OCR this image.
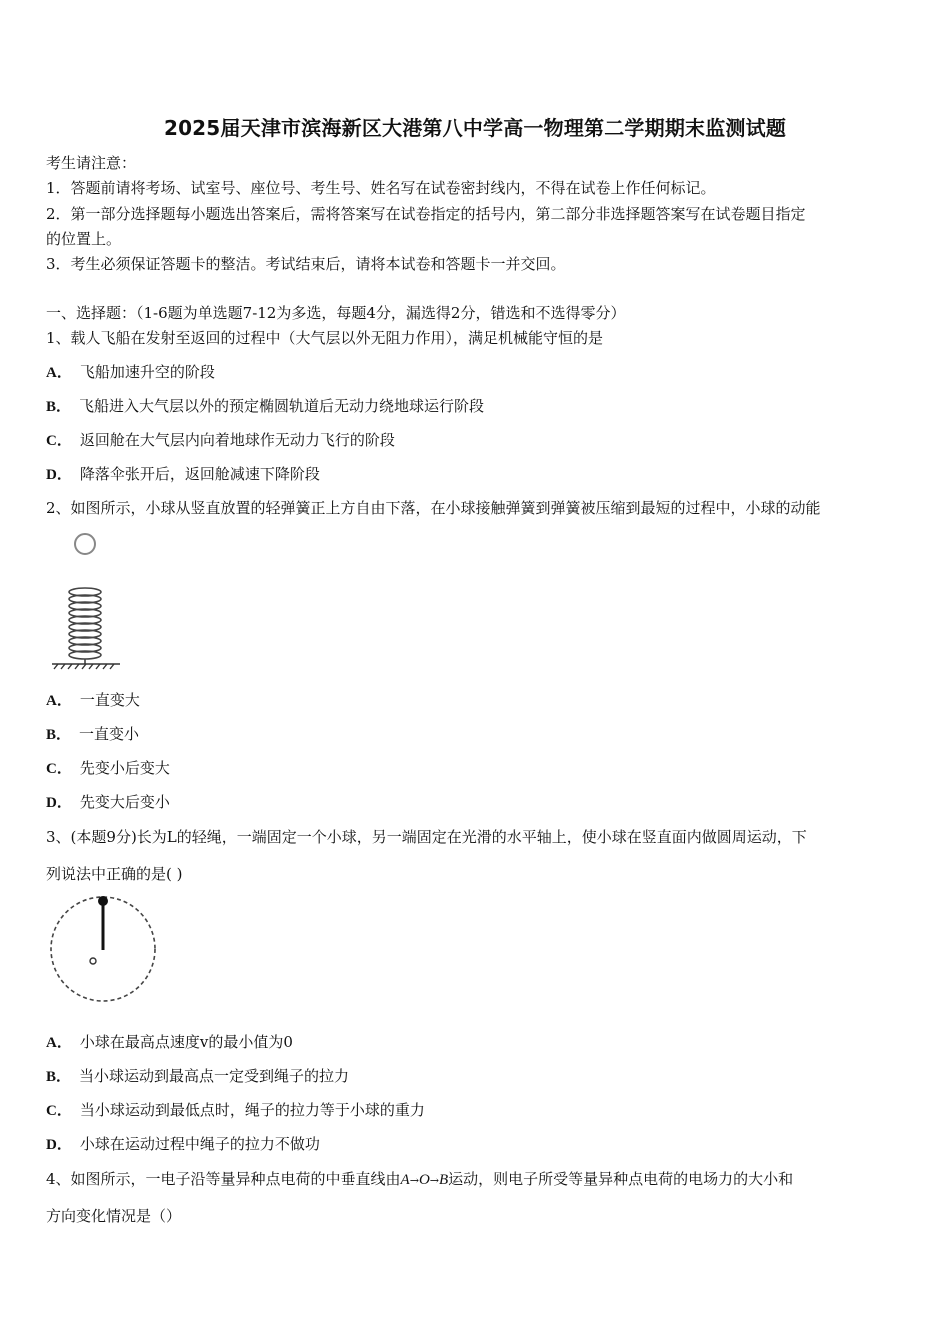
2025届天津市滨海新区大港第八中学高一物理第二学期期末监测试题
考生请注意：
1．答题前请将考场、试室号、座位号、考生号、姓名写在试卷密封线内，不得在试卷上作任何标记。
2．第一部分选择题每小题选出答案后，需将答案写在试卷指定的括号内，第二部分非选择题答案写在试卷题目指定
的位置上。
3．考生必须保证答题卡的整洁。考试结束后，请将本试卷和答题卡一并交回。
一、选择题：（1-6题为单选题7-12为多选，每题4分，漏选得2分，错选和不选得零分）
1、载人飞船在发射至返回的过程中（大气层以外无阻力作用），满足机械能守恒的是
A． 飞船加速升空的阶段
B． 飞船进入大气层以外的预定椭圆轨道后无动力绕地球运行阶段
C． 返回舱在大气层内向着地球作无动力飞行的阶段
D． 降落伞张开后，返回舱减速下降阶段
2、如图所示，小球从竖直放置的轻弹簧正上方自由下落，在小球接触弹簧到弹簧被压缩到最短的过程中，小球的动能
A． 一直变大
B． 一直变小
C． 先变小后变大
D． 先变大后变小
3、(本题9分)长为L的轻绳，一端固定一个小球，另一端固定在光滑的水平轴上，使小球在竖直面内做圆周运动，下
列说法中正确的是( )
A． 小球在最高点速度v的最小值为0
B． 当小球运动到最高点一定受到绳子的拉力
C． 当小球运动到最低点时，绳子的拉力等于小球的重力
D． 小球在运动过程中绳子的拉力不做功
4、如图所示，一电子沿等量异种点电荷的中垂直线由A→O→B运动，则电子所受等量异种点电荷的电场力的大小和
方向变化情况是（）
